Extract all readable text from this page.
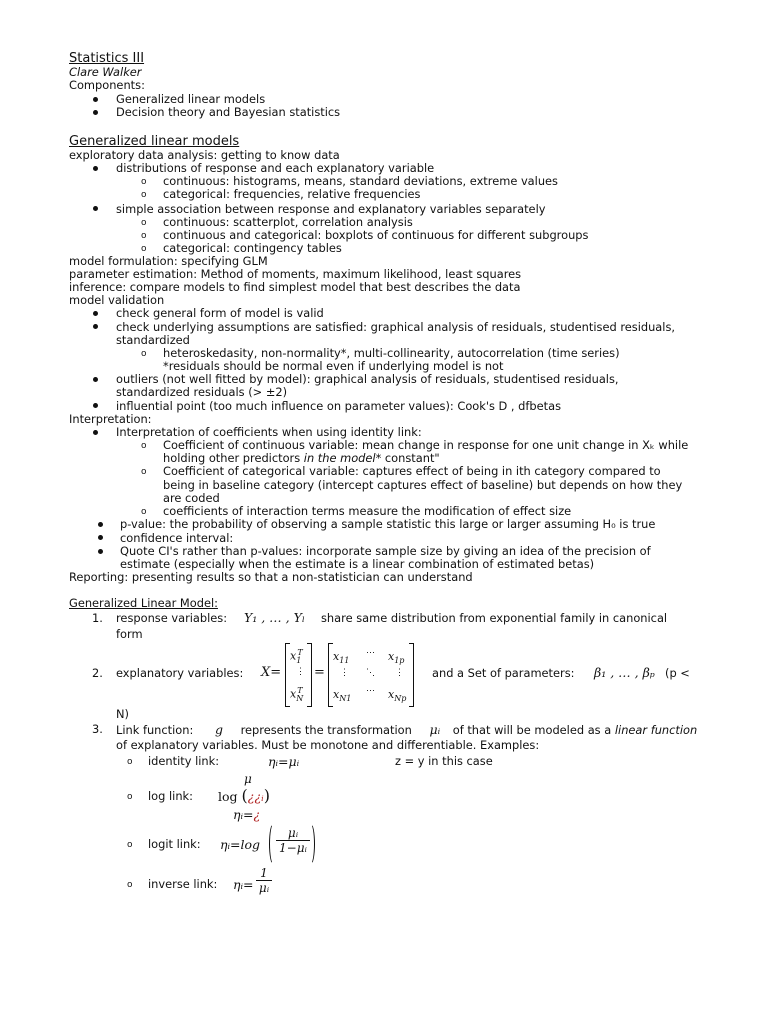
Statistics III
Clare Walker
Components:
Generalized linear models
Decision theory and Bayesian statistics
Generalized linear models
exploratory data analysis: getting to know data
distributions of response and each explanatory variable
o continuous: histograms, means, standard deviations, extreme values
o categorical: frequencies, relative frequencies
simple association between response and explanatory variables separately
o continuous: scatterplot, correlation analysis
o continuous and categorical: boxplots of continuous for different subgroups
o categorical: contingency tables
model formulation: specifying GLM
parameter estimation: Method of moments, maximum likelihood, least squares
inference: compare models to find simplest model that best describes the data
model validation
check general form of model is valid
check underlying assumptions are satisfied: graphical analysis of residuals, studentised residuals,
standardized
o heteroskedasity, non-normality*, multi-collinearity, autocorrelation (time series)
*residuals should be normal even if underlying model is not
outliers (not well fitted by model): graphical analysis of residuals, studentised residuals,
standardized residuals (> ±2)
influential point (too much influence on parameter values): Cook's D , dfbetas
Interpretation:
Interpretation of coefficients when using identity link:
o Coefficient of continuous variable: mean change in response for one unit change in Xₖ while
holding other predictors in the model* constant"
o Coefficient of categorical variable: captures effect of being in ith category compared to
being in baseline category (intercept captures effect of baseline) but depends on how they
are coded
o coefficients of interaction terms measure the modification of effect size
p-value: the probability of observing a sample statistic this large or larger assuming H₀ is true
confidence interval:
Quote CI's rather than p-values: incorporate sample size by giving an idea of the precision of
estimate (especially when the estimate is a linear combination of estimated betas)
Reporting: presenting results so that a non-statistician can understand
Generalized Linear Model:
1. response variables: Y₁ , … , Yₗ share same distribution from exponential family in canonical
form
2. explanatory variables: X=
$x_1^T$
⋮
$x_N^T$
=
$x_{11}$
⋯ $x_{1p}$
⋮ ⋱ ⋮
$x_{N1}$
⋯ $x_{Np}$
and a Set of parameters: β₁ , … , βₚ (p <
N)
3. Link function: g represents the transformation μᵢ of that will be modeled as a linear function
of explanatory variables. Must be monotone and differentiable. Examples:
o identity link:	ηᵢ=μᵢ	z = y in this case
μ
o log link: log (¿¿ᵢ)
ηᵢ=¿
o logit link: ηᵢ=log $\frac{\text{μᵢ}}{\text{1−μᵢ}}$
o inverse link: ηᵢ= $\frac{1}{\text{μᵢ}}$
